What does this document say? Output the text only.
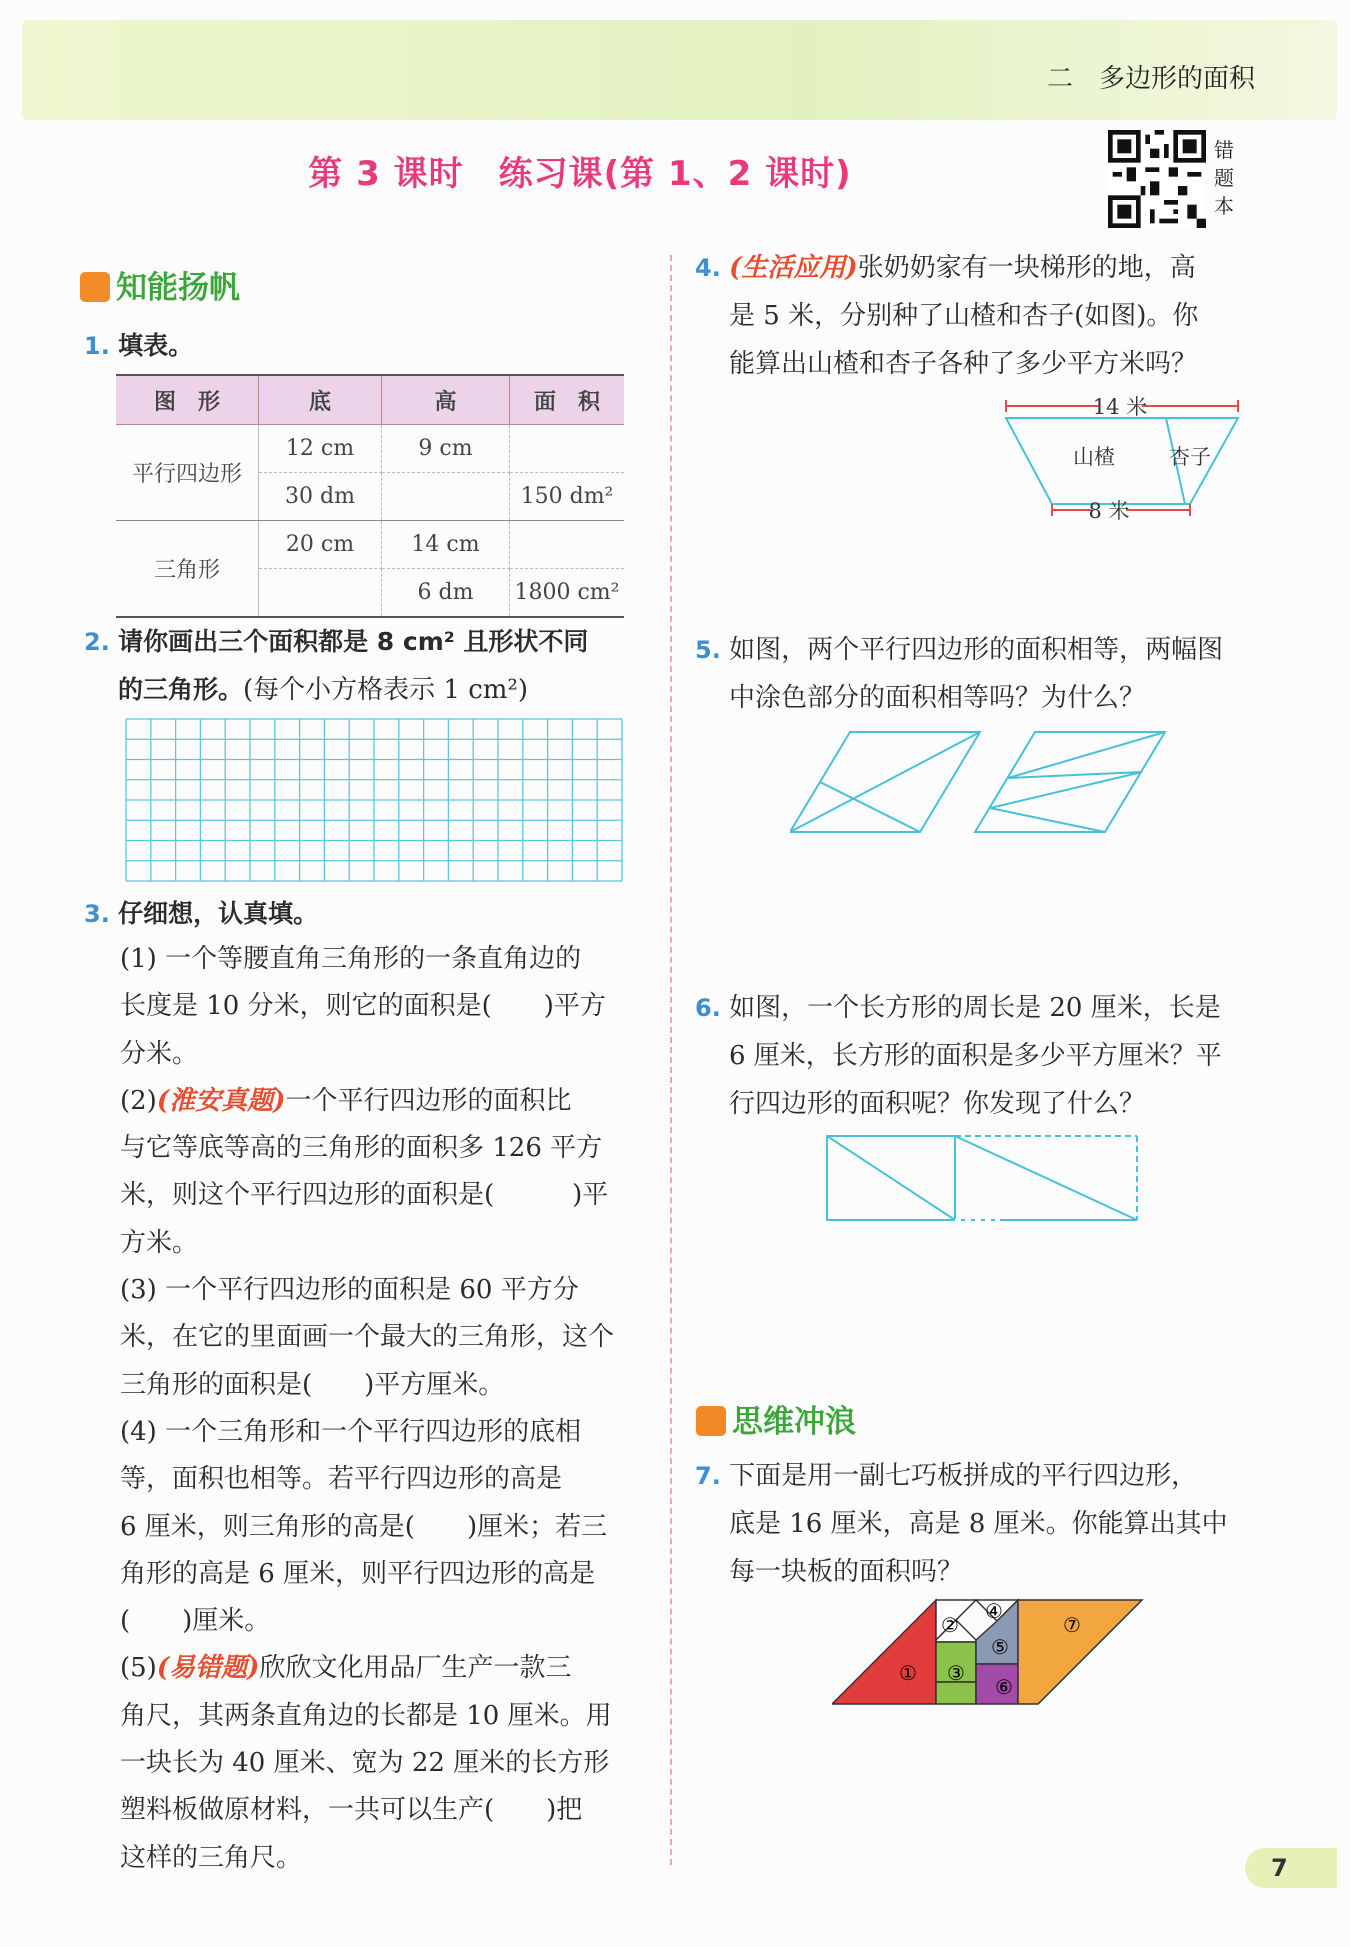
二　多边形的面积
第 3 课时　练习课(第 1、2 课时)
错
题
本
知能扬帆
1. 填表。
图　形	底	高	面　积
平行四边形	12 cm	9 cm	
	30 dm		150 dm²
三角形	20 cm	14 cm	
		6 dm	1800 cm²
2. 请你画出三个面积都是 8 cm² 且形状不同
的三角形。(每个小方格表示 1 cm²)
3. 仔细想，认真填。
(1) 一个等腰直角三角形的一条直角边的
长度是 10 分米，则它的面积是(　　)平方
分米。
(2)(淮安真题)一个平行四边形的面积比
与它等底等高的三角形的面积多 126 平方
米，则这个平行四边形的面积是(　　　)平
方米。
(3) 一个平行四边形的面积是 60 平方分
米，在它的里面画一个最大的三角形，这个
三角形的面积是(　　)平方厘米。
(4) 一个三角形和一个平行四边形的底相
等，面积也相等。若平行四边形的高是
6 厘米，则三角形的高是(　　)厘米；若三
角形的高是 6 厘米，则平行四边形的高是
(　　)厘米。
(5)(易错题)欣欣文化用品厂生产一款三
角尺，其两条直角边的长都是 10 厘米。用
一块长为 40 厘米、宽为 22 厘米的长方形
塑料板做原材料，一共可以生产(　　)把
这样的三角尺。
4. (生活应用)张奶奶家有一块梯形的地，高
是 5 米，分别种了山楂和杏子(如图)。你
能算出山楂和杏子各种了多少平方米吗？
14 米
8 米
山楂	杏子
5. 如图，两个平行四边形的面积相等，两幅图
中涂色部分的面积相等吗？为什么？
6. 如图，一个长方形的周长是 20 厘米，长是
6 厘米，长方形的面积是多少平方厘米？平
行四边形的面积呢？你发现了什么？
思维冲浪
7. 下面是用一副七巧板拼成的平行四边形，
底是 16 厘米，高是 8 厘米。你能算出其中
每一块板的面积吗？
①
②
③
④
⑤
⑥
⑦
7
